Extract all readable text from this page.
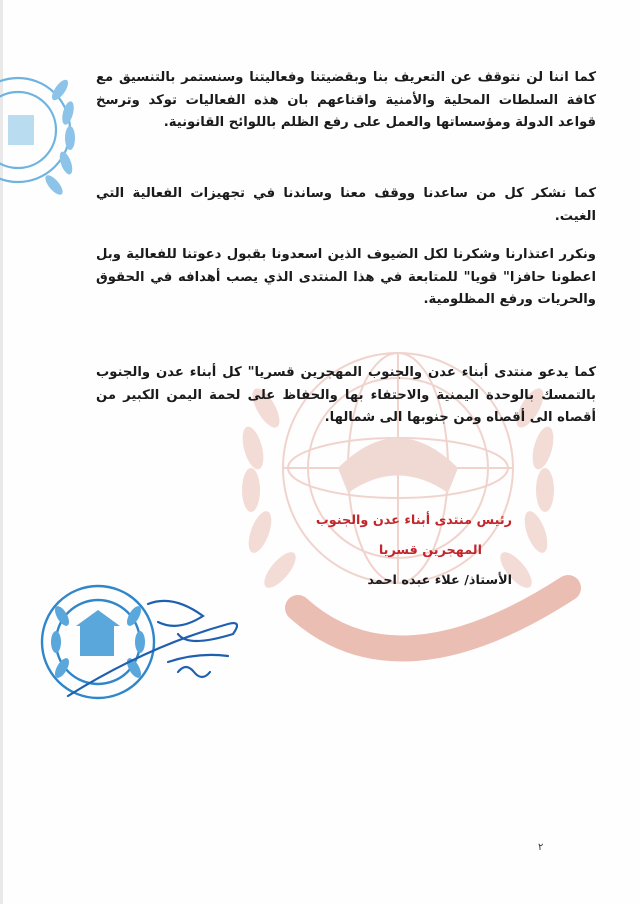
كما اننا لن نتوقف عن التعريف بنا وبقضيتنا وفعاليتنا وسنستمر بالتنسيق مع كافة السلطات المحلية والأمنية واقناعهم بان هذه الفعاليات توكد وترسخ قواعد الدولة ومؤسساتها والعمل على رفع الظلم باللوائح القانونية.
كما نشكر كل من ساعدنا ووقف معنا وساندنا في تجهيزات الفعالية التي الغيت.
ونكرر اعتذارنا وشكرنا لكل الضيوف الذين اسعدونا بقبول دعوتنا للفعالية وبل اعطونا حافزا" قويا" للمتابعة في هذا المنتدى الذي يصب أهدافه في الحقوق والحريات ورفع المظلومية.
كما يدعو منتدى أبناء عدن والجنوب المهجرين قسريا" كل أبناء عدن والجنوب بالتمسك بالوحدة اليمنية والاحتفاء بها والحفاظ على لحمة اليمن الكبير من أقصاه الى أقصاه ومن جنوبها الى شمالها.
رئيس منتدى أبناء عدن والجنوب
المهجرين قسريا
الأستاذ/ علاء عبده احمد
٢
